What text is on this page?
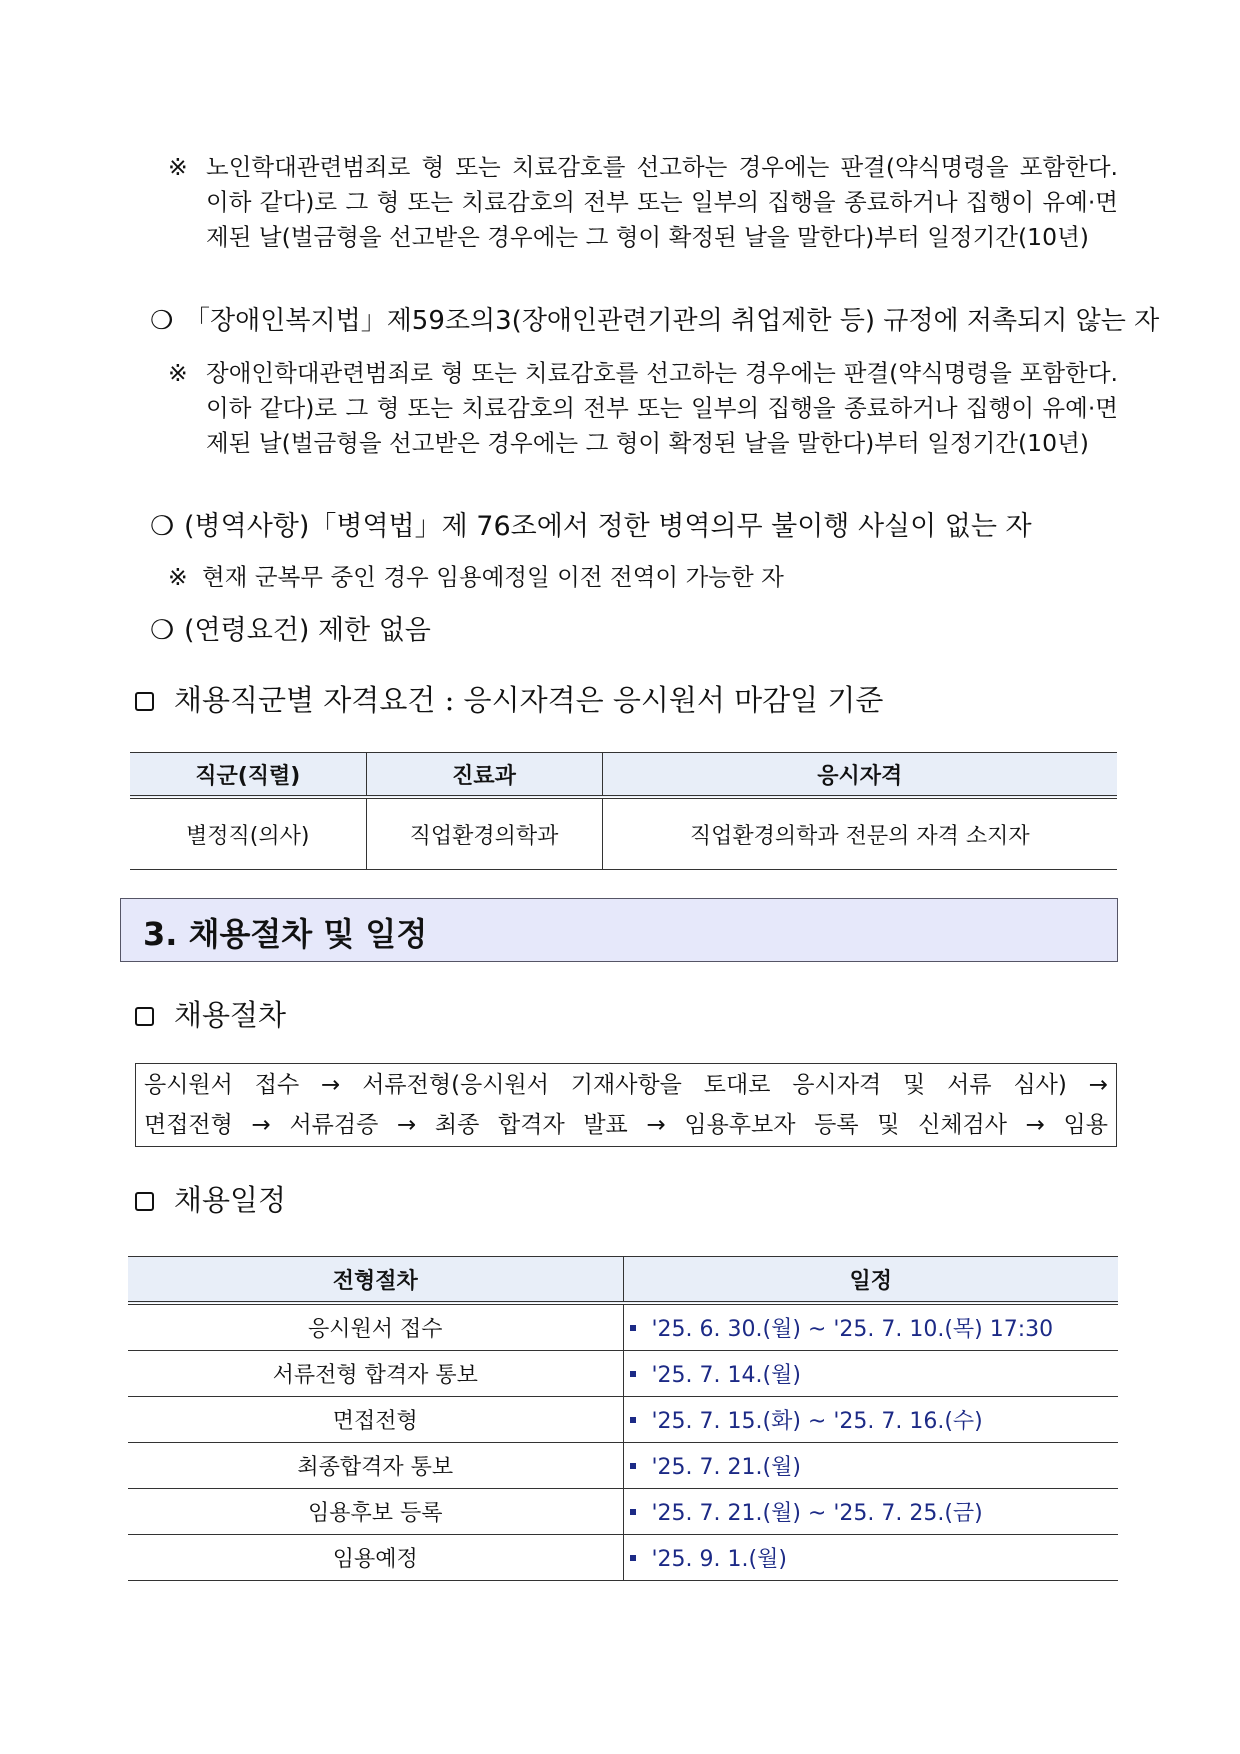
※ 노인학대관련범죄로 형 또는 치료감호를 선고하는 경우에는 판결(약식명령을 포함한다. 이하 같다)로 그 형 또는 치료감호의 전부 또는 일부의 집행을 종료하거나 집행이 유예·면제된 날(벌금형을 선고받은 경우에는 그 형이 확정된 날을 말한다)부터 일정기간(10년)
❍ 「장애인복지법」제59조의3(장애인관련기관의 취업제한 등) 규정에 저촉되지 않는 자
※ 장애인학대관련범죄로 형 또는 치료감호를 선고하는 경우에는 판결(약식명령을 포함한다. 이하 같다)로 그 형 또는 치료감호의 전부 또는 일부의 집행을 종료하거나 집행이 유예·면제된 날(벌금형을 선고받은 경우에는 그 형이 확정된 날을 말한다)부터 일정기간(10년)
❍ (병역사항)「병역법」제 76조에서 정한 병역의무 불이행 사실이 없는 자
※ 현재 군복무 중인 경우 임용예정일 이전 전역이 가능한 자
❍ (연령요건) 제한 없음
채용직군별 자격요건 : 응시자격은 응시원서 마감일 기준
직군(직렬)	진료과	응시자격
별정직(의사)	직업환경의학과	직업환경의학과 전문의 자격 소지자
3. 채용절차 및 일정
채용절차
응시원서 접수 → 서류전형(응시원서 기재사항을 토대로 응시자격 및 서류 심사) →
면접전형 → 서류검증 → 최종 합격자 발표 → 임용후보자 등록 및 신체검사 → 임용
채용일정
전형절차	일정
응시원서 접수	'25. 6. 30.(월) ~ '25. 7. 10.(목) 17:30
서류전형 합격자 통보	'25. 7. 14.(월)
면접전형	'25. 7. 15.(화) ~ '25. 7. 16.(수)
최종합격자 통보	'25. 7. 21.(월)
임용후보 등록	'25. 7. 21.(월) ~ '25. 7. 25.(금)
임용예정	'25. 9. 1.(월)
